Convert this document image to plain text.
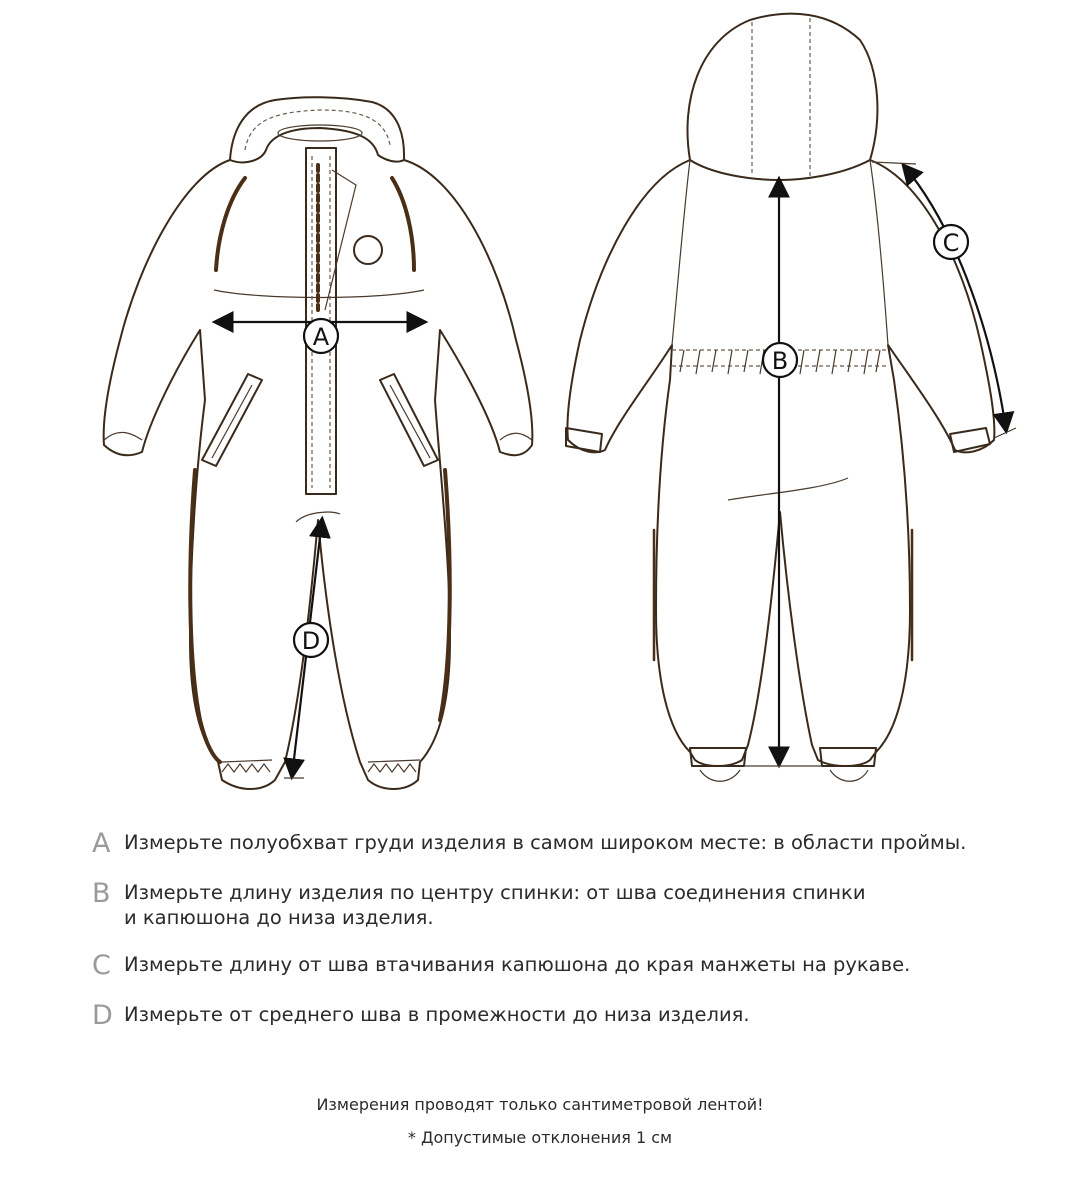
A
D
B
C
A Измерьте полуобхват груди изделия в самом широком месте: в области проймы.
B Измерьте длину изделия по центру спинки: от шва соединения спинки
и капюшона до низа изделия.
C Измерьте длину от шва втачивания капюшона до края манжеты на рукаве.
D Измерьте от среднего шва в промежности до низа изделия.
Измерения проводят только сантиметровой лентой!
* Допустимые отклонения 1 см
